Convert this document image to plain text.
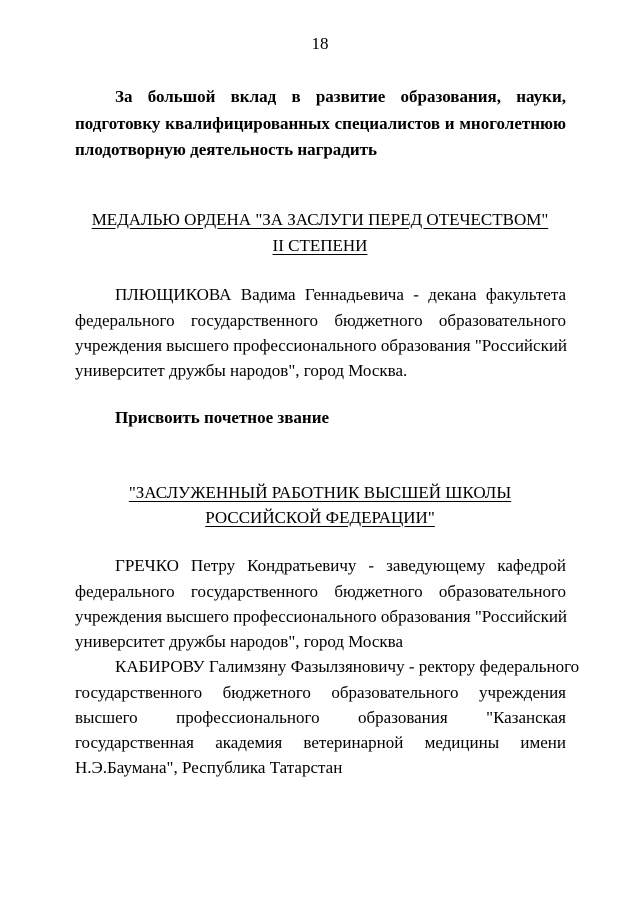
18
За большой вклад в развитие образования, науки,
подготовку квалифицированных специалистов и многолетнюю
плодотворную деятельность наградить
МЕДАЛЬЮ ОРДЕНА "ЗА ЗАСЛУГИ ПЕРЕД ОТЕЧЕСТВОМ"
II СТЕПЕНИ
ПЛЮЩИКОВА Вадима Геннадьевича - декана факультета
федерального государственного бюджетного образовательного
учреждения высшего профессионального образования "Российский
университет дружбы народов", город Москва.
Присвоить почетное звание
"ЗАСЛУЖЕННЫЙ РАБОТНИК ВЫСШЕЙ ШКОЛЫ
РОССИЙСКОЙ ФЕДЕРАЦИИ"
ГРЕЧКО Петру Кондратьевичу - заведующему кафедрой
федерального государственного бюджетного образовательного
учреждения высшего профессионального образования "Российский
университет дружбы народов", город Москва
КАБИРОВУ Галимзяну Фазылзяновичу - ректору федерального
государственного бюджетного образовательного учреждения
высшего профессионального образования "Казанская
государственная академия ветеринарной медицины имени
Н.Э.Баумана", Республика Татарстан
